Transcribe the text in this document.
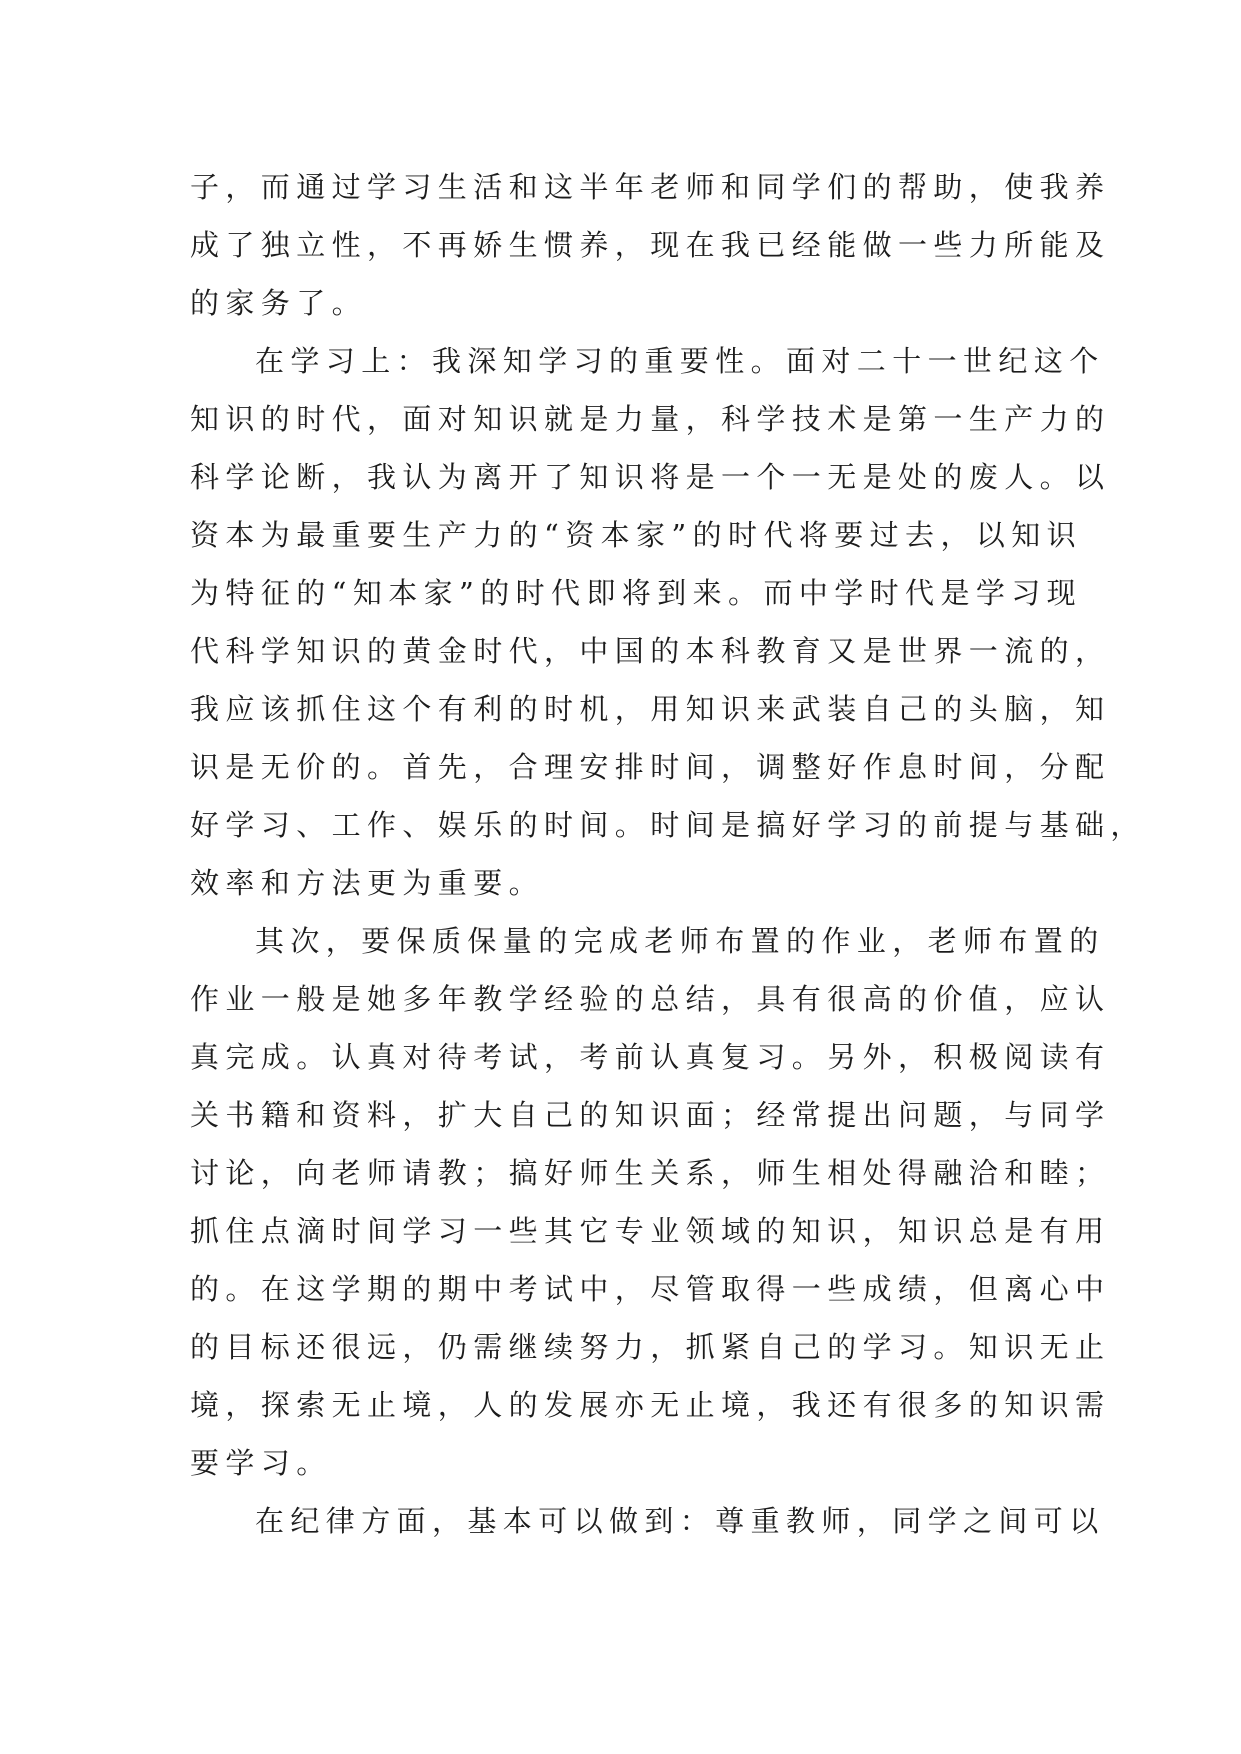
子，而通过学习生活和这半年老师和同学们的帮助，使我养
成了独立性，不再娇生惯养，现在我已经能做一些力所能及
的家务了。
在学习上：我深知学习的重要性。面对二十一世纪这个
知识的时代，面对知识就是力量，科学技术是第一生产力的
科学论断，我认为离开了知识将是一个一无是处的废人。以
资本为最重要生产力的“资本家”的时代将要过去，以知识
为特征的“知本家”的时代即将到来。而中学时代是学习现
代科学知识的黄金时代，中国的本科教育又是世界一流的，
我应该抓住这个有利的时机，用知识来武装自己的头脑，知
识是无价的。首先，合理安排时间，调整好作息时间，分配
好学习、工作、娱乐的时间。时间是搞好学习的前提与基础，
效率和方法更为重要。
其次，要保质保量的完成老师布置的作业，老师布置的
作业一般是她多年教学经验的总结，具有很高的价值，应认
真完成。认真对待考试，考前认真复习。另外，积极阅读有
关书籍和资料，扩大自己的知识面；经常提出问题，与同学
讨论，向老师请教；搞好师生关系，师生相处得融洽和睦；
抓住点滴时间学习一些其它专业领域的知识，知识总是有用
的。在这学期的期中考试中，尽管取得一些成绩，但离心中
的目标还很远，仍需继续努力，抓紧自己的学习。知识无止
境，探索无止境，人的发展亦无止境，我还有很多的知识需
要学习。
在纪律方面，基本可以做到：尊重教师，同学之间可以
